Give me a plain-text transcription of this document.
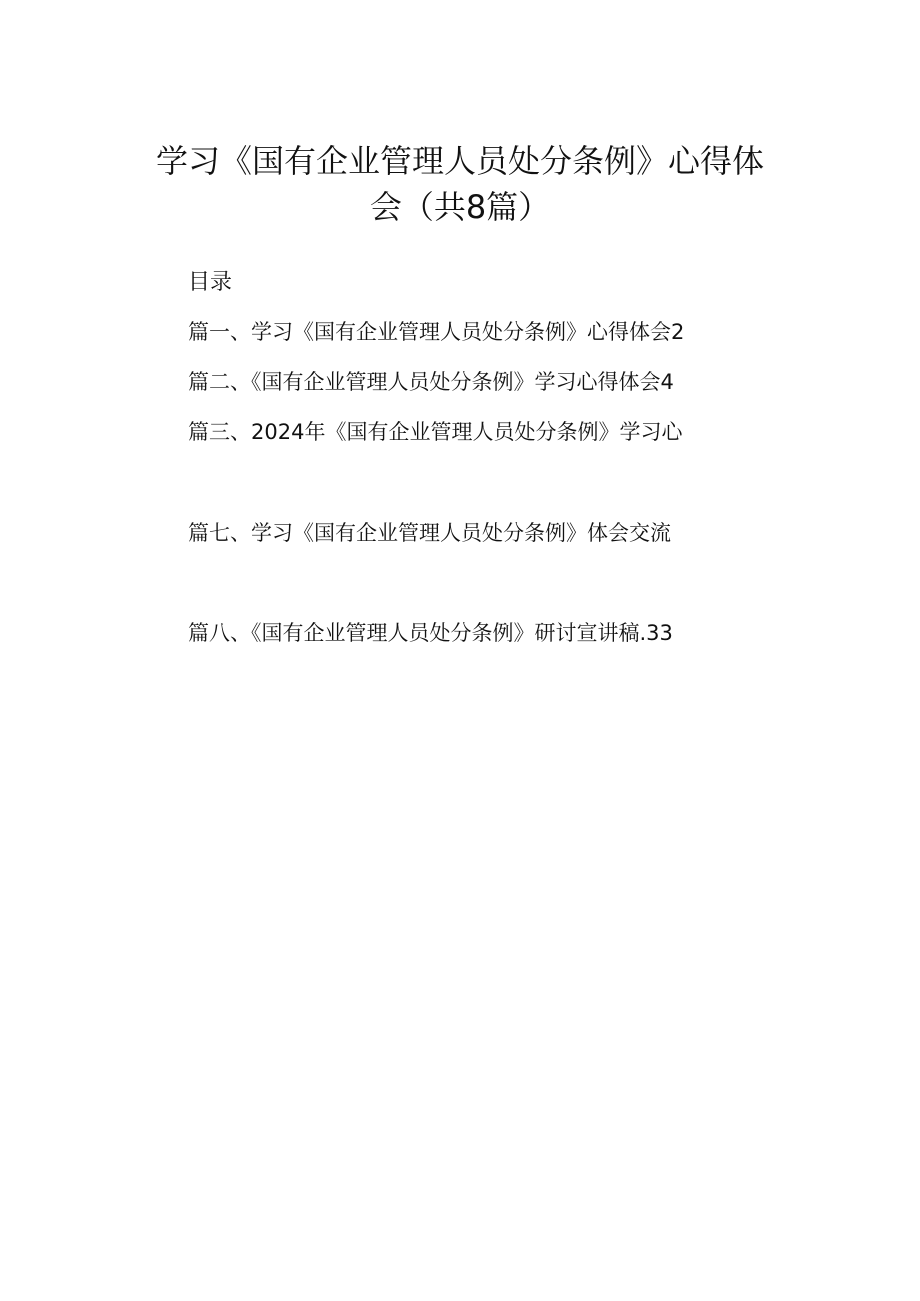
学习《国有企业管理人员处分条例》心得体
会（共8篇）
目录
篇一、学习《国有企业管理人员处分条例》心得体会2
篇二、《国有企业管理人员处分条例》学习心得体会4
篇三、2024年《国有企业管理人员处分条例》学习心
篇七、学习《国有企业管理人员处分条例》体会交流
篇八、《国有企业管理人员处分条例》研讨宣讲稿.33
